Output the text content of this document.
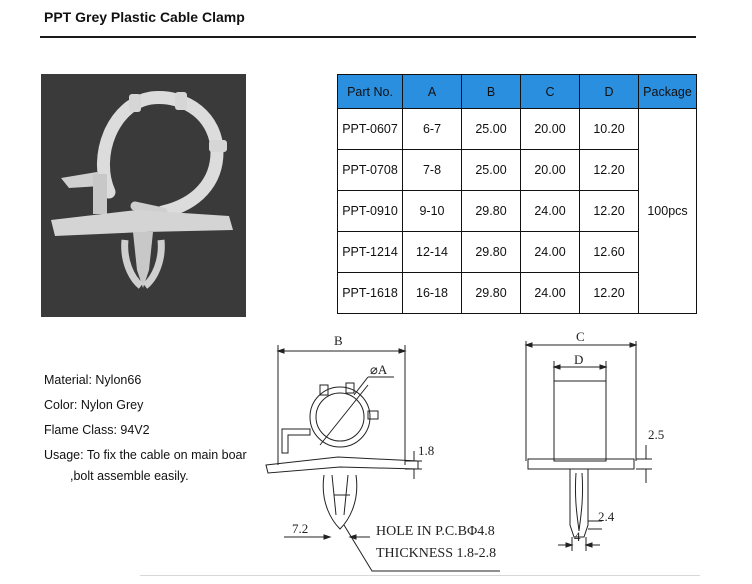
PPT Grey Plastic Cable Clamp
Part No.	A	B	C	D	Package
PPT-0607	6-7	25.00	20.00	10.20	100pcs
PPT-0708	7-8	25.00	20.00	12.20	
PPT-0910	9-10	29.80	24.00	12.20	
PPT-1214	12-14	29.80	24.00	12.60	
PPT-1618	16-18	29.80	24.00	12.20	
Material: Nylon66
Color: Nylon Grey
Flame Class: 94V2
Usage: To fix the cable on main boar
,bolt assemble easily.
B
⌀A
1.8
7.2	HOLE IN P.C.BΦ4.8
THICKNESS 1.8-2.8
C
D
2.5
2.4
4
